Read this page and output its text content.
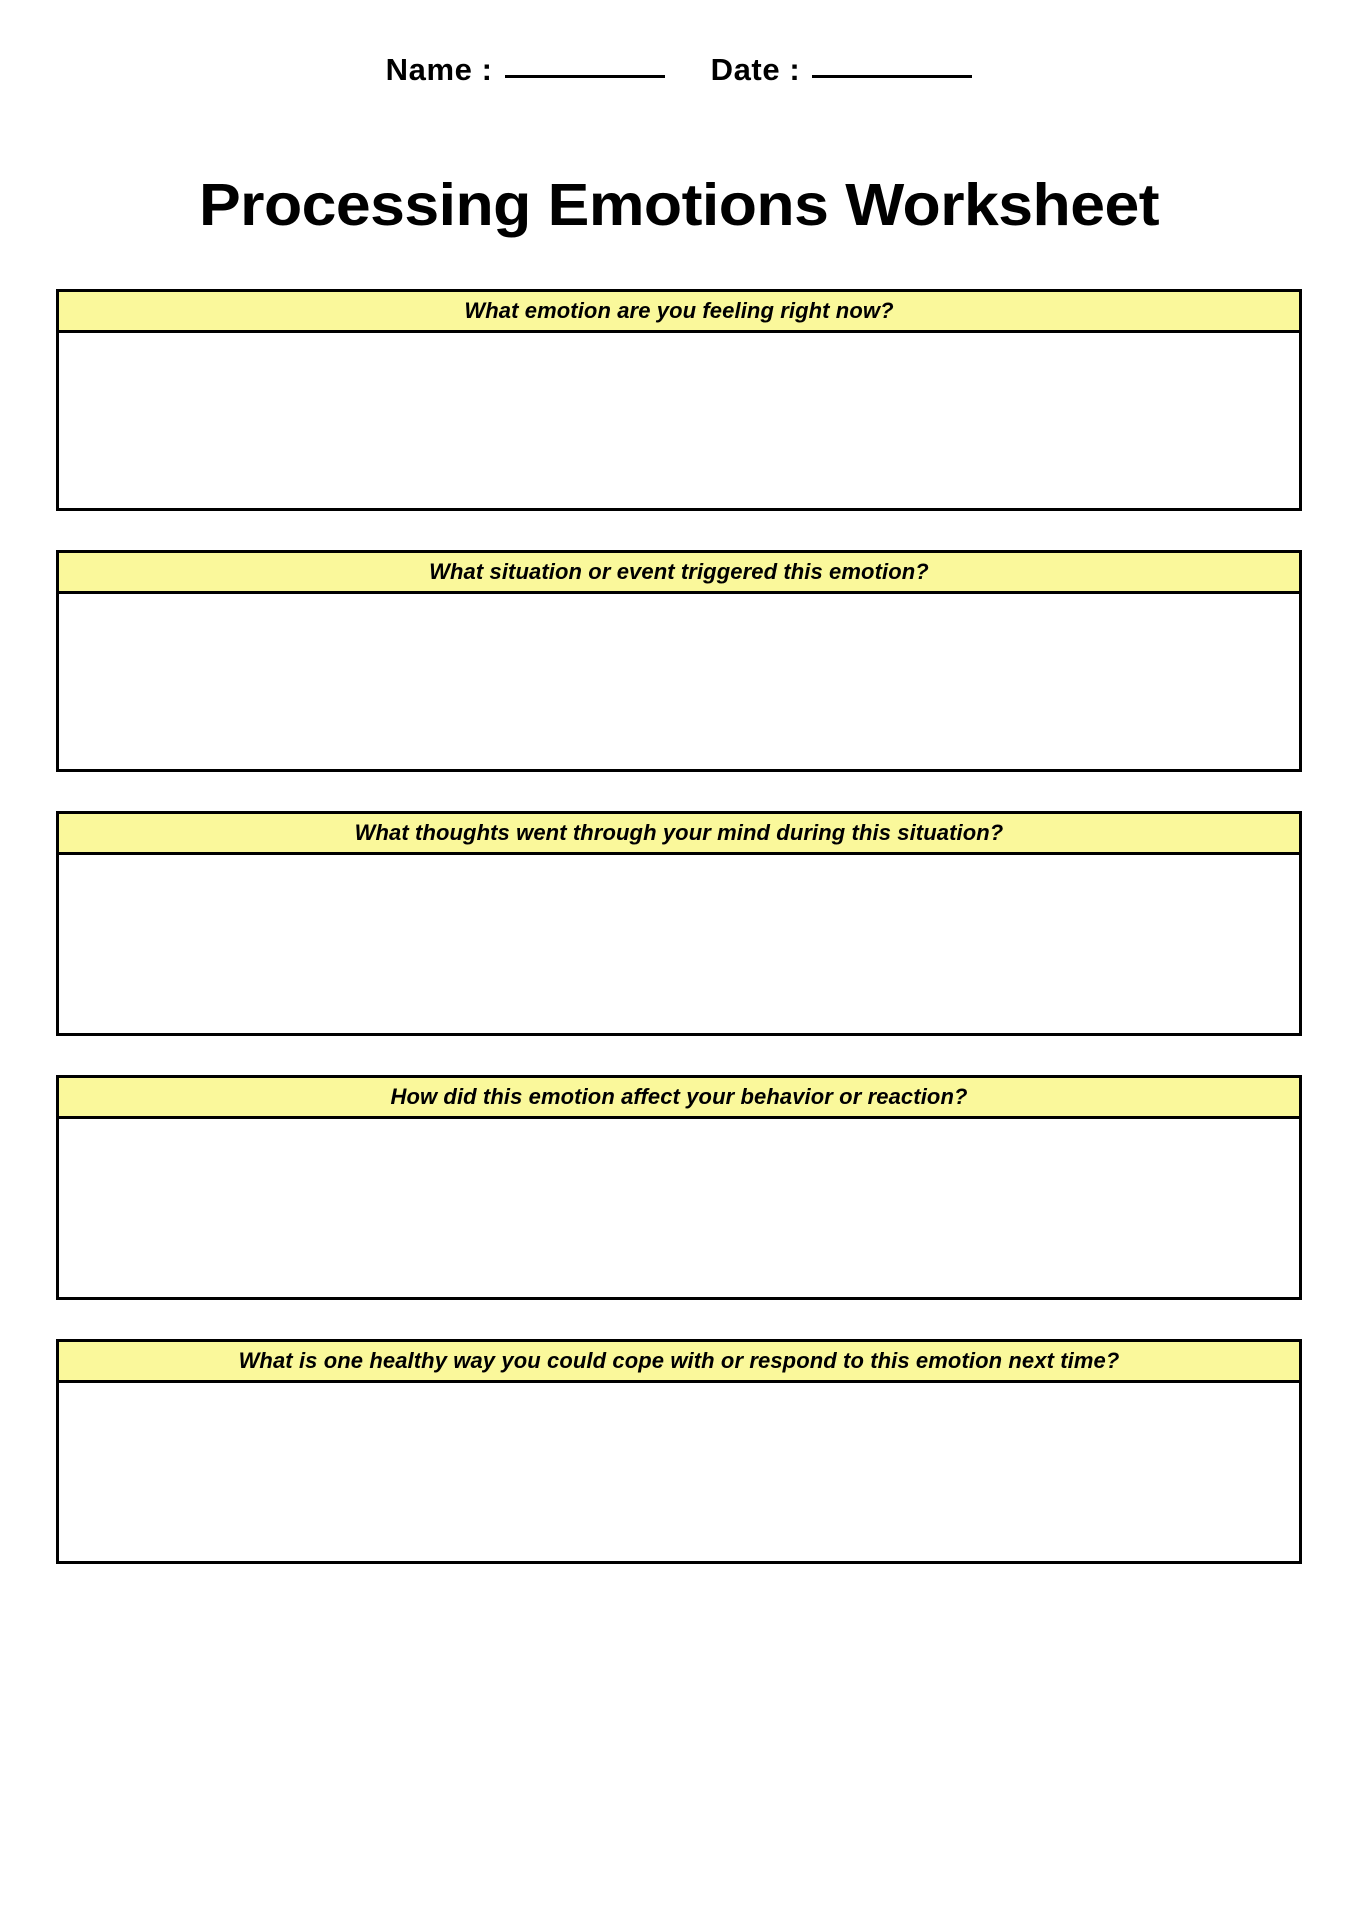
Name :	Date :
Processing Emotions Worksheet
What emotion are you feeling right now?
What situation or event triggered this emotion?
What thoughts went through your mind during this situation?
How did this emotion affect your behavior or reaction?
What is one healthy way you could cope with or respond to this emotion next time?
